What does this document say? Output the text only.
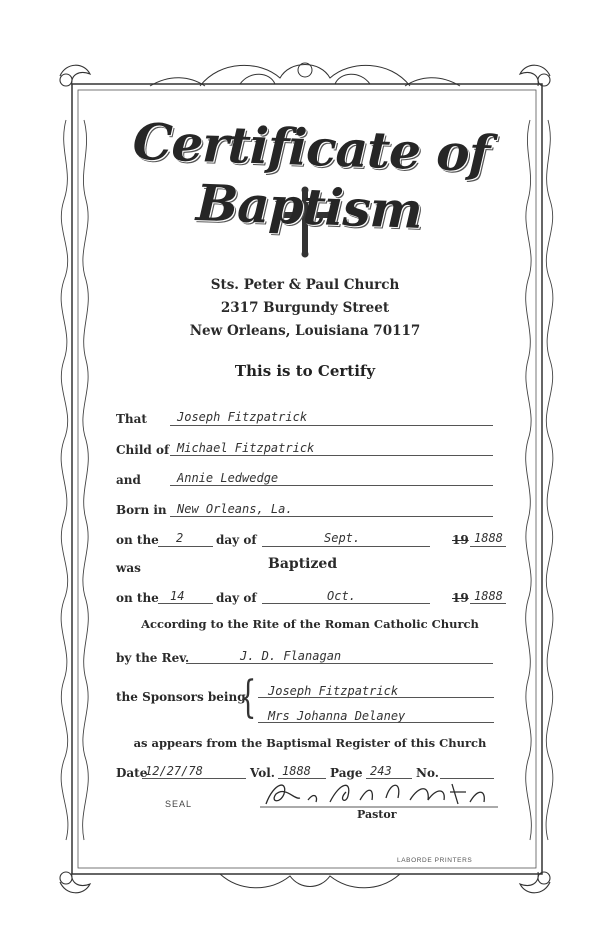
Certificate of Baptism
Sts. Peter & Paul Church
2317 Burgundy Street
New Orleans, Louisiana 70117
This is to Certify
That	Joseph Fitzpatrick
Child of Michael Fitzpatrick
and	Annie Ledwedge
Born in New Orleans, La.
on the 2	day of	Sept.	19 1888
was	Baptized
on the 14	day of	Oct.	19 1888
According to the Rite of the Roman Catholic Church
by the Rev.	J. D. Flanagan
the Sponsors being
{ Joseph Fitzpatrick
Mrs Johanna Delaney
as appears from the Baptismal Register of this Church
Date
12/27/78	Vol. 1888 Page 243 No.
SEAL
Pastor
LABORDE PRINTERS
